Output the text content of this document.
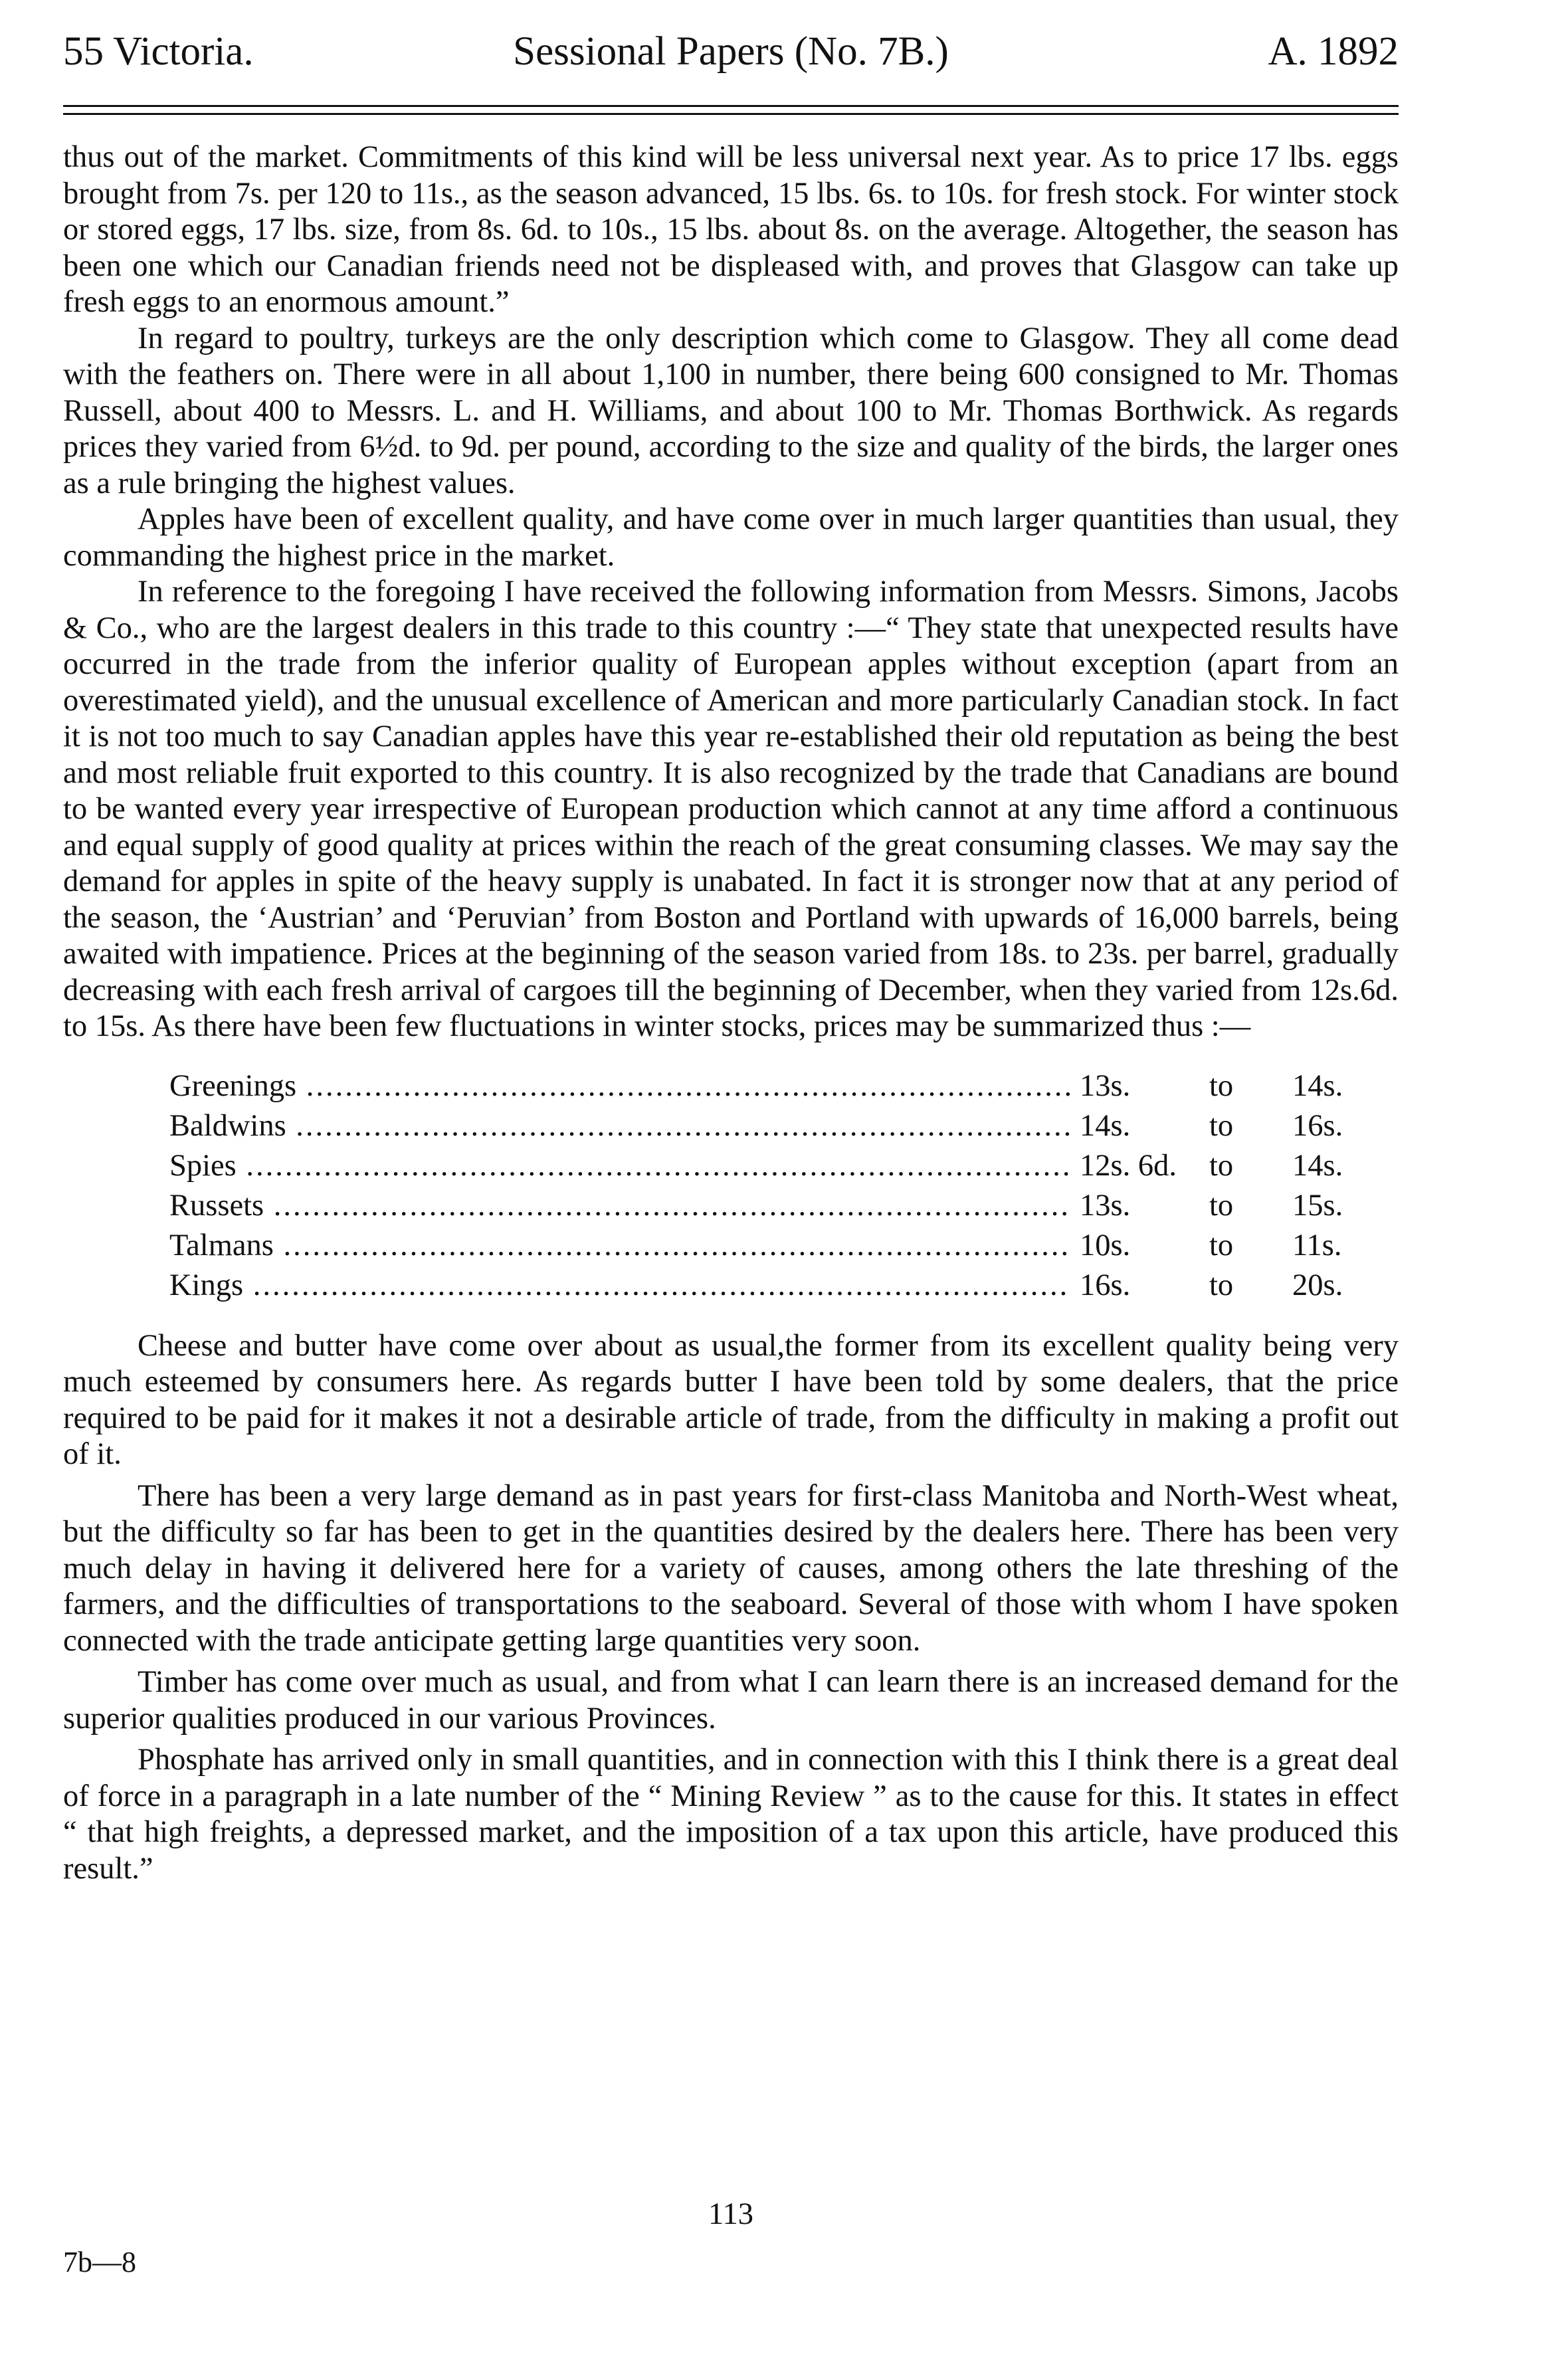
55 Victoria.	Sessional Papers (No. 7B.)	A. 1892

thus out of the market. Commitments of this kind will be less universal next year. As to price 17 lbs. eggs brought from 7s. per 120 to 11s., as the season advanced, 15 lbs. 6s. to 10s. for fresh stock. For winter stock or stored eggs, 17 lbs. size, from 8s. 6d. to 10s., 15 lbs. about 8s. on the average. Altogether, the season has been one which our Canadian friends need not be displeased with, and proves that Glasgow can take up fresh eggs to an enormous amount.”

In regard to poultry, turkeys are the only description which come to Glasgow. They all come dead with the feathers on. There were in all about 1,100 in number, there being 600 consigned to Mr. Thomas Russell, about 400 to Messrs. L. and H. Williams, and about 100 to Mr. Thomas Borthwick. As regards prices they varied from 6½d. to 9d. per pound, according to the size and quality of the birds, the larger ones as a rule bringing the highest values.

Apples have been of excellent quality, and have come over in much larger quantities than usual, they commanding the highest price in the market.

In reference to the foregoing I have received the following information from Messrs. Simons, Jacobs & Co., who are the largest dealers in this trade to this country :—“ They state that unexpected results have occurred in the trade from the inferior quality of European apples without exception (apart from an overestimated yield), and the unusual excellence of American and more particularly Canadian stock. In fact it is not too much to say Canadian apples have this year re-established their old reputation as being the best and most reliable fruit exported to this country. It is also recognized by the trade that Canadians are bound to be wanted every year irrespective of European production which cannot at any time afford a continuous and equal supply of good quality at prices within the reach of the great consuming classes. We may say the demand for apples in spite of the heavy supply is unabated. In fact it is stronger now that at any period of the season, the ‘Austrian’ and ‘Peruvian’ from Boston and Portland with upwards of 16,000 barrels, being awaited with impatience. Prices at the beginning of the season varied from 18s. to 23s. per barrel, gradually decreasing with each fresh arrival of cargoes till the beginning of December, when they varied from 12s.6d. to 15s. As there have been few fluctuations in winter stocks, prices may be summarized thus :—

Greenings .....	13s.	to 14s.
Baldwins .....	14s.	to 16s.
Spies .....	12s. 6d. to 14s.
Russets .....	13s.	to 15s.
Talmans .....	10s.	to 11s.
Kings .....	16s.	to 20s.

Cheese and butter have come over about as usual,the former from its excellent quality being very much esteemed by consumers here. As regards butter I have been told by some dealers, that the price required to be paid for it makes it not a desirable article of trade, from the difficulty in making a profit out of it.

There has been a very large demand as in past years for first-class Manitoba and North-West wheat, but the difficulty so far has been to get in the quantities desired by the dealers here. There has been very much delay in having it delivered here for a variety of causes, among others the late threshing of the farmers, and the difficulties of transportations to the seaboard. Several of those with whom I have spoken connected with the trade anticipate getting large quantities very soon.

Timber has come over much as usual, and from what I can learn there is an increased demand for the superior qualities produced in our various Provinces.

Phosphate has arrived only in small quantities, and in connection with this I think there is a great deal of force in a paragraph in a late number of the “ Mining Review ” as to the cause for this. It states in effect “ that high freights, a depressed market, and the imposition of a tax upon this article, have produced this result.”

113
7b—8
